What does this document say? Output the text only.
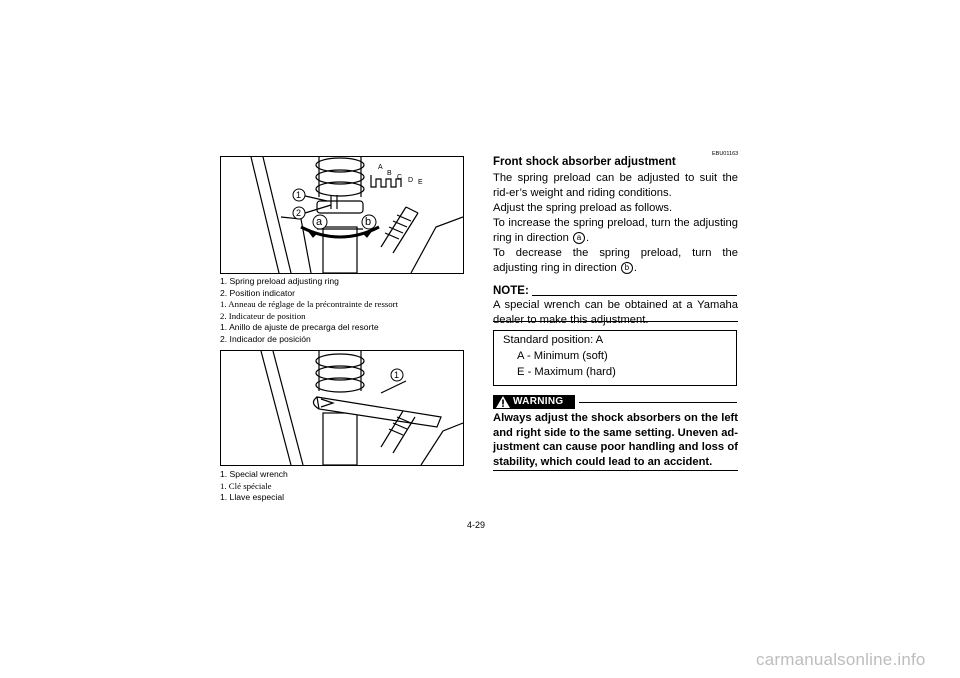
1
2
a	b
A
B
C D E
1. Spring preload adjusting ring
2. Position indicator
1. Anneau de réglage de la précontrainte de ressort
2. Indicateur de position
1. Anillo de ajuste de precarga del resorte
2. Indicador de posición
1
1. Special wrench
1. Clé spéciale
1. Llave especial
EBU01163
Front shock absorber adjustment
The spring preload can be adjusted to suit the rid-er’s weight and riding conditions.
Adjust the spring preload as follows.
To increase the spring preload, turn the adjusting ring in direction a .
To decrease the spring preload, turn the adjusting ring in direction b .
NOTE:
A special wrench can be obtained at a Yamaha dealer to make this adjustment.
Standard position: A
A - Minimum (soft)
E - Maximum (hard)
WARNING
Always adjust the shock absorbers on the left and right side to the same setting. Uneven ad-justment can cause poor handling and loss of stability, which could lead to an accident.
4-29
carmanualsonline.info
